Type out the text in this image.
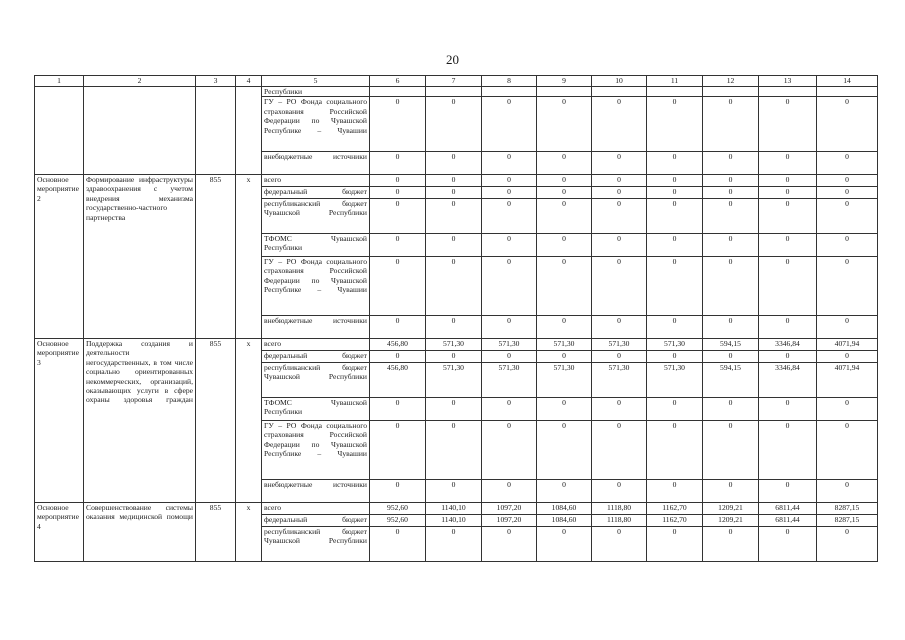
20
1	2	3	4	5	6	7	8	9	10	11	12	13	14
				Республики									
				ГУ – РО Фонда социального страхования Российской Федерации по Чувашской Республике – Чувашии	0	0	0	0	0	0	0	0	0
				внебюджетные источники	0	0	0	0	0	0	0	0	0
Основное мероприятие 2	Формирование инфраструктуры здравоохранения с учетом внедрения механизма государственно-частного партнерства	855	х	всего	0	0	0	0	0	0	0	0	0
				федеральный бюджет	0	0	0	0	0	0	0	0	0
				республиканский бюджет Чувашской Республики	0	0	0	0	0	0	0	0	0
				ТФОМС Чувашской Республики	0	0	0	0	0	0	0	0	0
				ГУ – РО Фонда социального страхования Российской Федерации по Чувашской Республике – Чувашии	0	0	0	0	0	0	0	0	0
				внебюджетные источники	0	0	0	0	0	0	0	0	0
Основное мероприятие 3	Поддержка создания и деятельности негосударственных, в том числе социально ориентированных некоммерческих, организаций, оказывающих услуги в сфере охраны здоровья граждан	855	х	всего	456,80	571,30	571,30	571,30	571,30	571,30	594,15	3346,84	4071,94
				федеральный бюджет	0	0	0	0	0	0	0	0	0
				республиканский бюджет Чувашской Республики	456,80	571,30	571,30	571,30	571,30	571,30	594,15	3346,84	4071,94
				ТФОМС Чувашской Республики	0	0	0	0	0	0	0	0	0
				ГУ – РО Фонда социального страхования Российской Федерации по Чувашской Республике – Чувашии	0	0	0	0	0	0	0	0	0
				внебюджетные источники	0	0	0	0	0	0	0	0	0
Основное мероприятие 4	Совершенствование системы оказания медицинской помощи	855	х	всего	952,60	1140,10	1097,20	1084,60	1118,80	1162,70	1209,21	6811,44	8287,15
				федеральный бюджет	952,60	1140,10	1097,20	1084,60	1118,80	1162,70	1209,21	6811,44	8287,15
				республиканский бюджет Чувашской Республики	0	0	0	0	0	0	0	0	0
